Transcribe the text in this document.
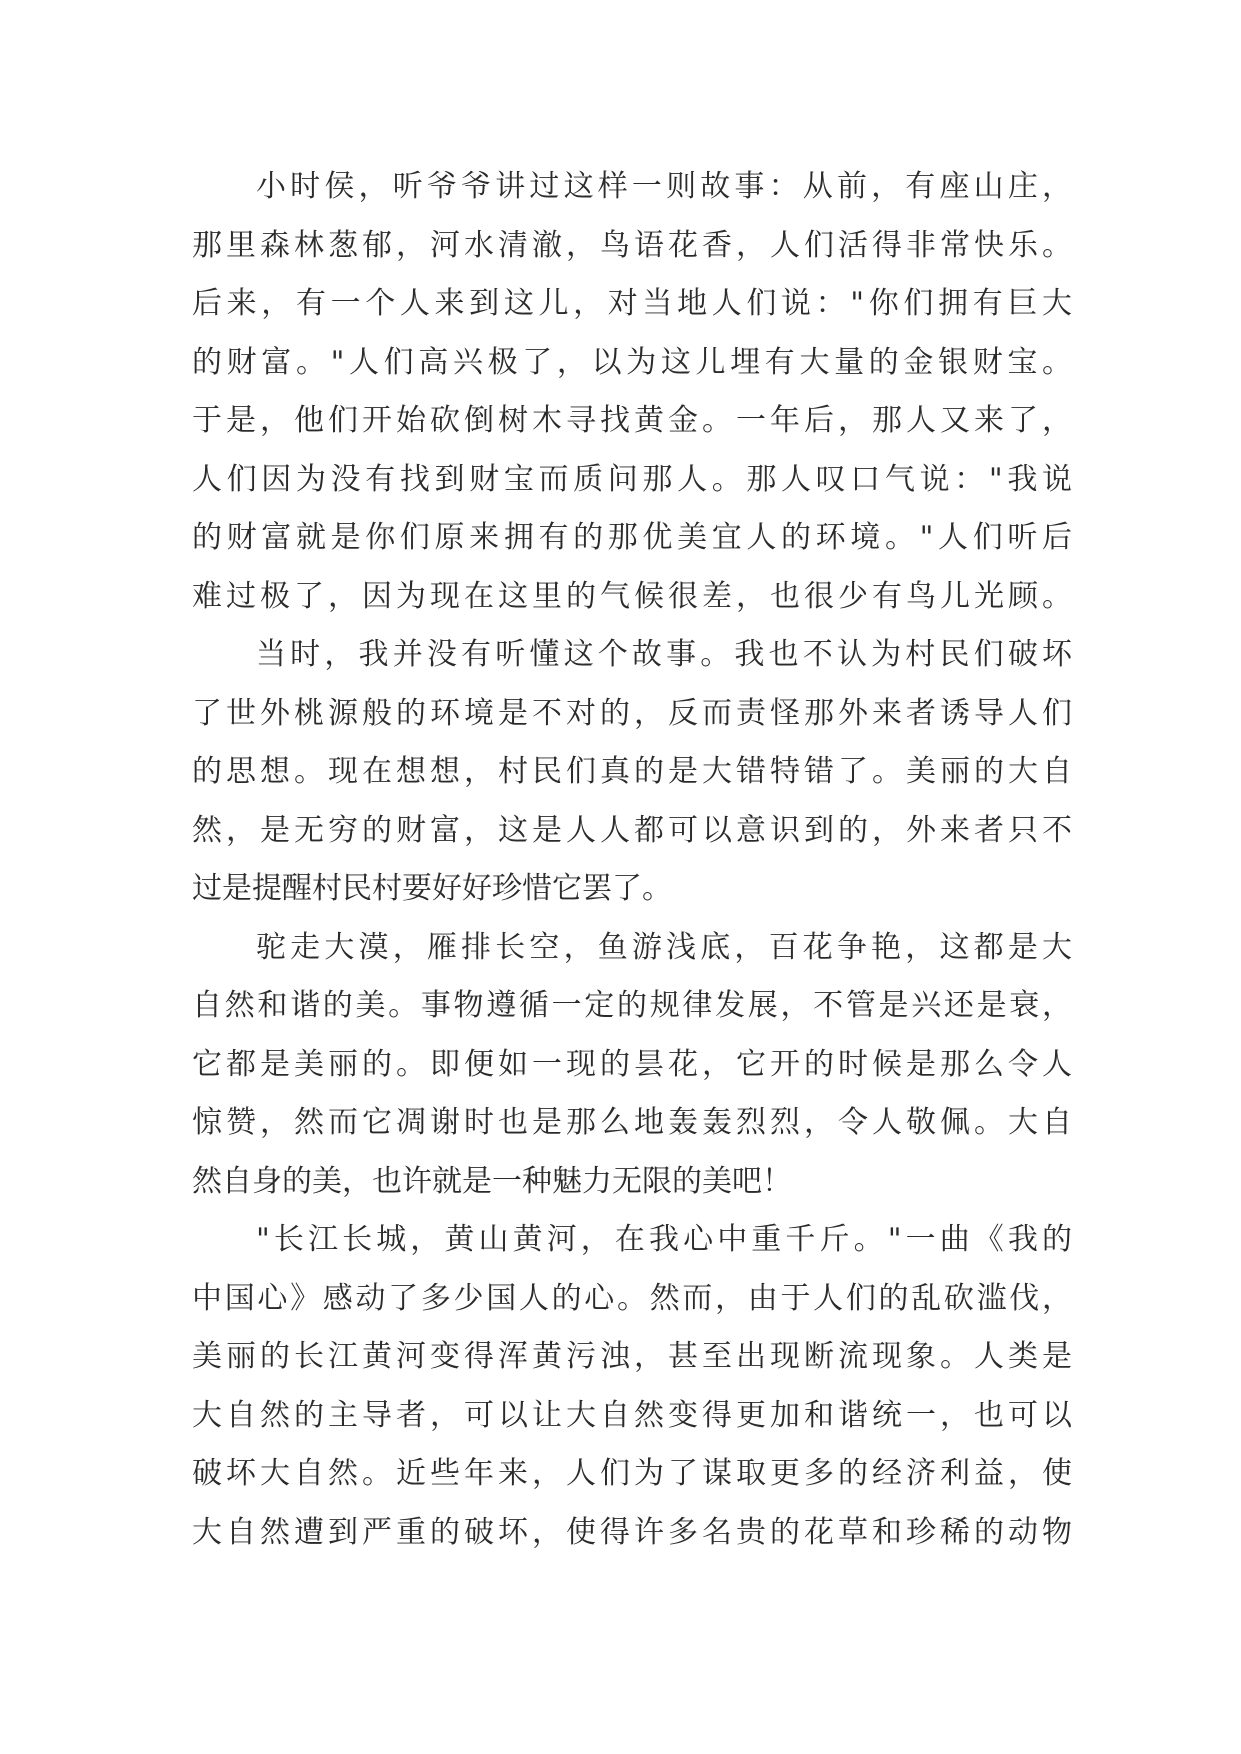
小时侯，听爷爷讲过这样一则故事：从前，有座山庄，
那里森林葱郁，河水清澈，鸟语花香，人们活得非常快乐。
后来，有一个人来到这儿，对当地人们说："你们拥有巨大
的财富。"人们高兴极了，以为这儿埋有大量的金银财宝。
于是，他们开始砍倒树木寻找黄金。一年后，那人又来了，
人们因为没有找到财宝而质问那人。那人叹口气说："我说
的财富就是你们原来拥有的那优美宜人的环境。"人们听后
难过极了，因为现在这里的气候很差，也很少有鸟儿光顾。
当时，我并没有听懂这个故事。我也不认为村民们破坏
了世外桃源般的环境是不对的，反而责怪那外来者诱导人们
的思想。现在想想，村民们真的是大错特错了。美丽的大自
然，是无穷的财富，这是人人都可以意识到的，外来者只不
过是提醒村民村要好好珍惜它罢了。
驼走大漠，雁排长空，鱼游浅底，百花争艳，这都是大
自然和谐的美。事物遵循一定的规律发展，不管是兴还是衰，
它都是美丽的。即便如一现的昙花，它开的时候是那么令人
惊赞，然而它凋谢时也是那么地轰轰烈烈，令人敬佩。大自
然自身的美，也许就是一种魅力无限的美吧！
"长江长城，黄山黄河，在我心中重千斤。"一曲《我的
中国心》感动了多少国人的心。然而，由于人们的乱砍滥伐，
美丽的长江黄河变得浑黄污浊，甚至出现断流现象。人类是
大自然的主导者，可以让大自然变得更加和谐统一，也可以
破坏大自然。近些年来，人们为了谋取更多的经济利益，使
大自然遭到严重的破坏，使得许多名贵的花草和珍稀的动物
